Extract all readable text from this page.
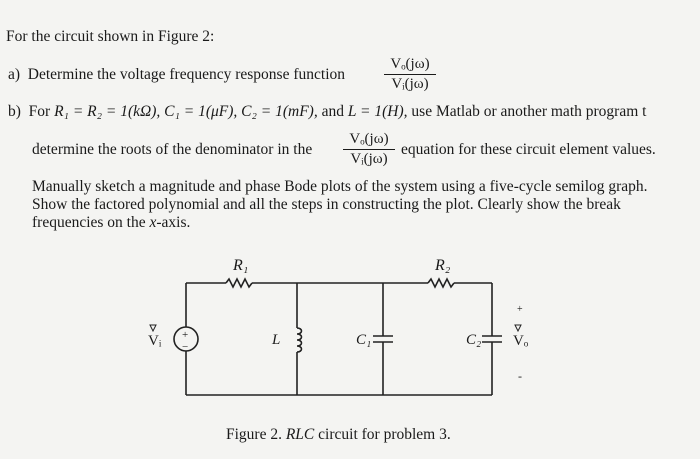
For the circuit shown in Figure 2:
a) Determine the voltage frequency response function
Vₒ(jω)
Vᵢ(jω)
b) For R₁ = R₂ = 1(kΩ), C₁ = 1(μF), C₂ = 1(mF), and L = 1(H), use Matlab or another math program t
determine the roots of the denominator in the
Vₒ(jω)
Vᵢ(jω)
equation for these circuit element values.
Manually sketch a magnitude and phase Bode plots of the system using a five-cycle semilog graph.
Show the factored polynomial and all the steps in constructing the plot. Clearly show the break
frequencies on the x-axis.
+
−
R₁	R₂
Vᵢ	L	C₁	C₂ Vₒ
+
-
Figure 2. RLC circuit for problem 3.
